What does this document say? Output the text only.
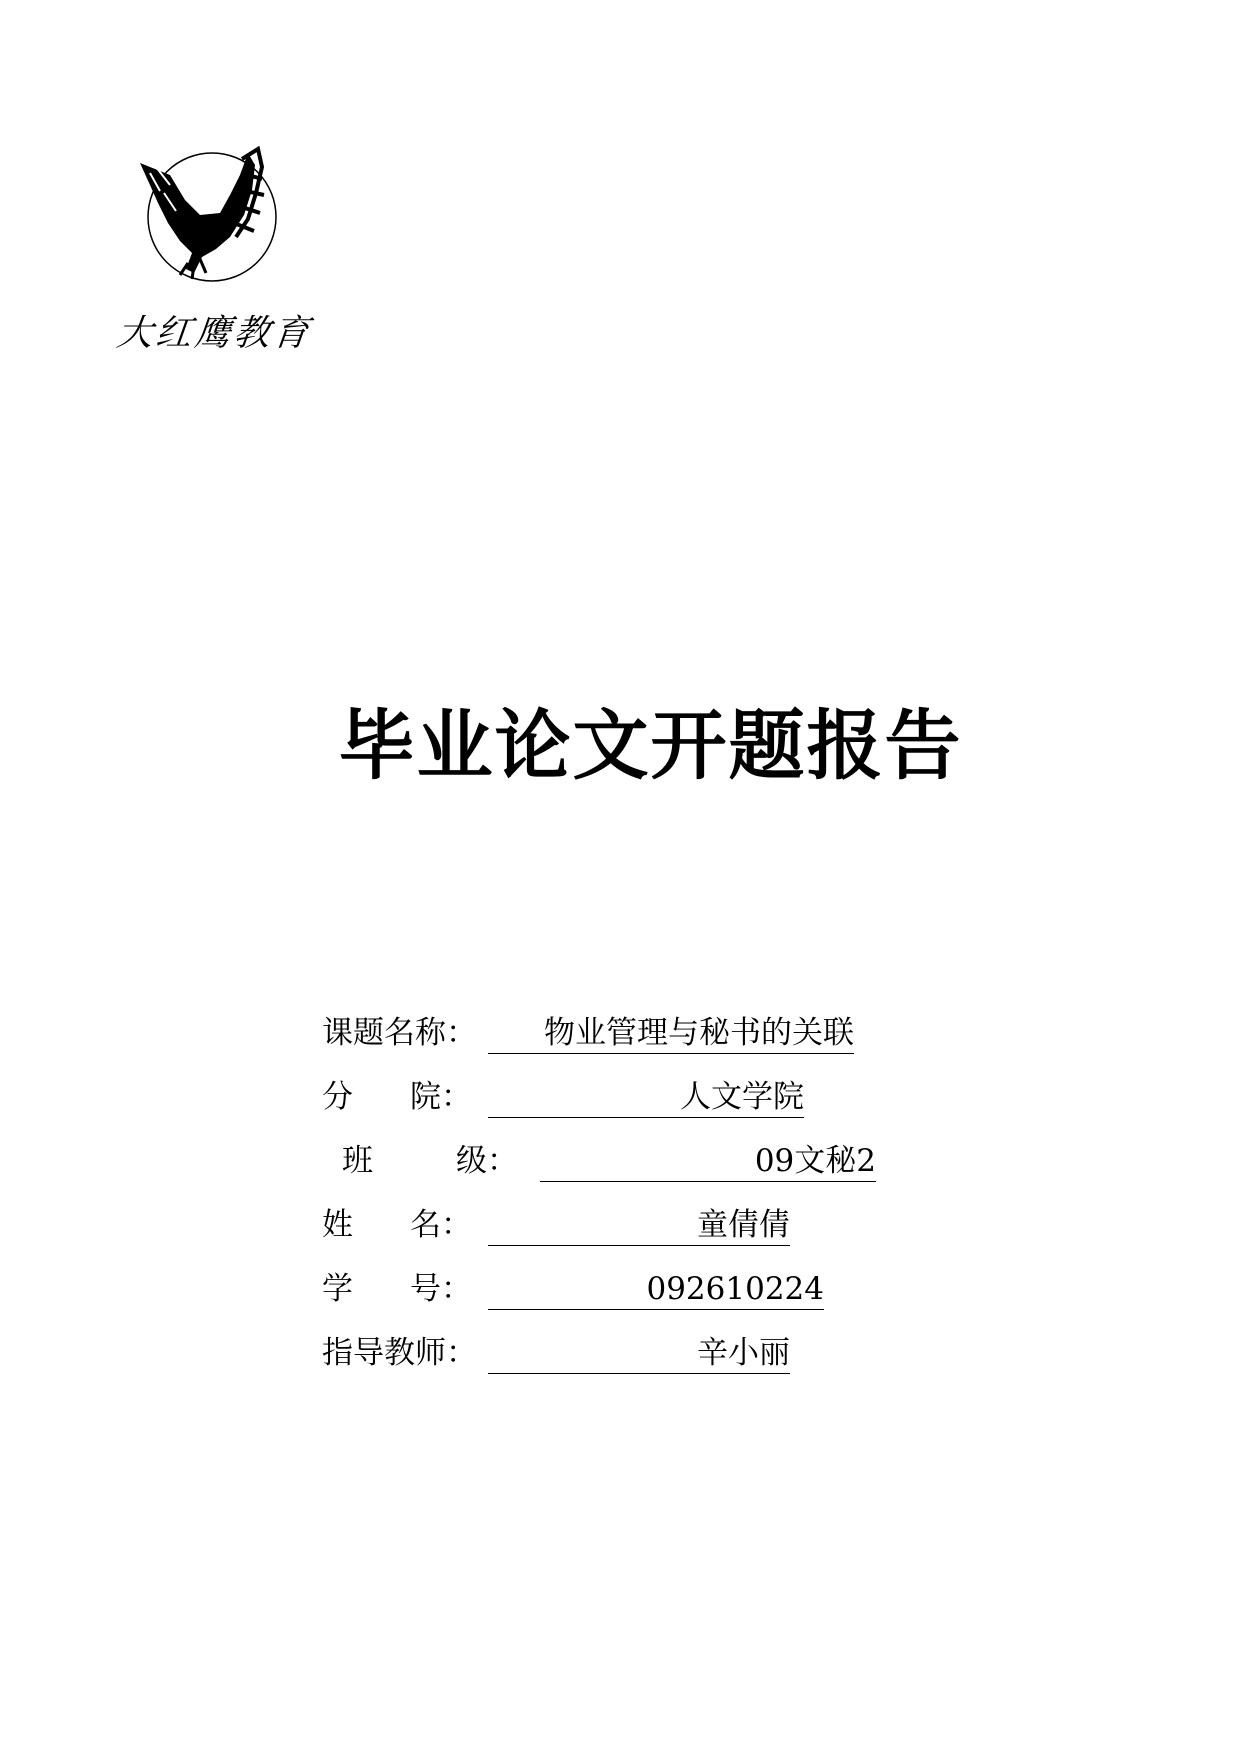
大红鹰教育
毕业论文开题报告
课题名称：	物业管理与秘书的关联
分 院：	人文学院
班	级：	09文秘2
姓 名：	童倩倩
学 号：	092610224
指导教师：	辛小丽
